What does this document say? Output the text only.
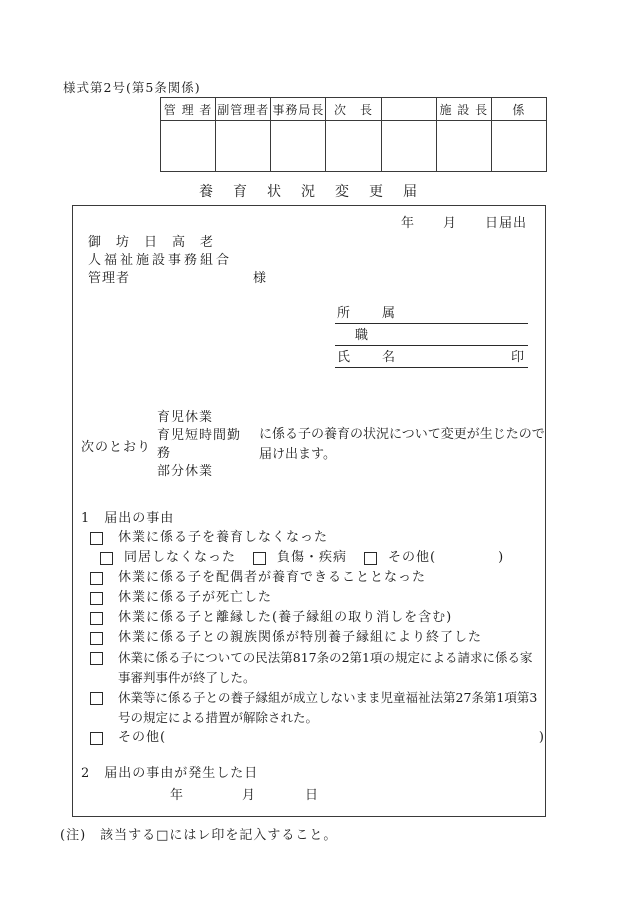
様式第2号(第5条関係)
管 理 者	副管理者	事務局長	次　長		施 設 長	係

養　育　状　況　変　更　届
年　　月　　日届出
御　坊　日　高　老
人福祉施設事務組合
管理者	様
所　　属
職
氏　　名	印
次のとおり
育児休業
育児短時間勤務
部分休業
に係る子の養育の状況について変更が生じたので届け出ます。
1　届出の事由
休業に係る子を養育しなくなった
同居しなくなった	負傷・疾病	その他(	)
休業に係る子を配偶者が養育できることとなった
休業に係る子が死亡した
休業に係る子と離縁した(養子縁組の取り消しを含む)
休業に係る子との親族関係が特別養子縁組により終了した
休業に係る子についての民法第817条の2第1項の規定による請求に係る家事審判事件が終了した。
休業等に係る子との養子縁組が成立しないまま児童福祉法第27条第1項第3号の規定による措置が解除された。
その他(	)
2　届出の事由が発生した日
年	月	日
(注)　該当する□にはレ印を記入すること。
